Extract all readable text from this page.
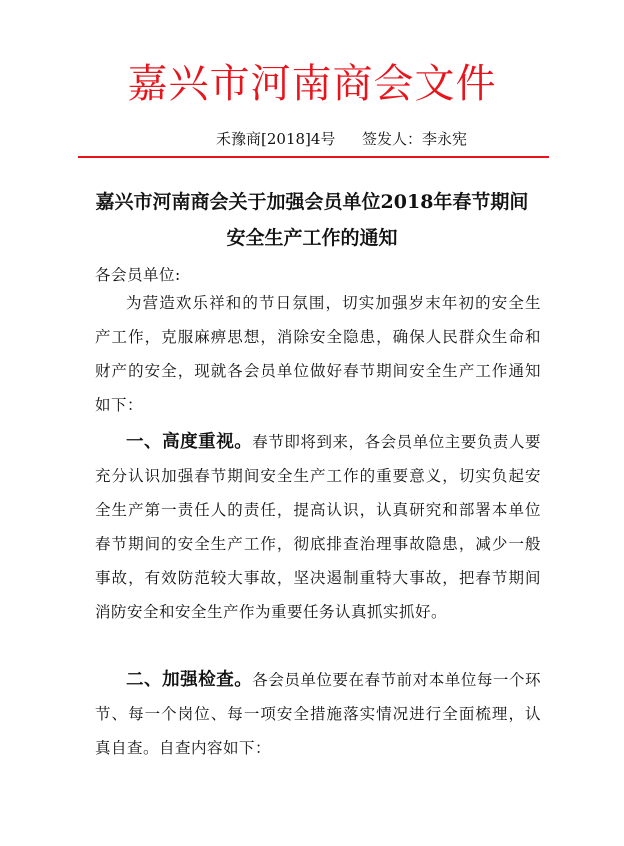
嘉兴市河南商会文件
禾豫商[2018]4号 签发人：李永宪
嘉兴市河南商会关于加强会员单位2018年春节期间
安全生产工作的通知

各会员单位:

为营造欢乐祥和的节日氛围，切实加强岁末年初的安全生产工作，克服麻痹思想，消除安全隐患，确保人民群众生命和财产的安全，现就各会员单位做好春节期间安全生产工作通知如下：

一、高度重视。春节即将到来，各会员单位主要负责人要充分认识加强春节期间安全生产工作的重要意义，切实负起安全生产第一责任人的责任，提高认识，认真研究和部署本单位春节期间的安全生产工作，彻底排查治理事故隐患，减少一般事故，有效防范较大事故，坚决遏制重特大事故，把春节期间消防安全和安全生产作为重要任务认真抓实抓好。

二、加强检查。各会员单位要在春节前对本单位每一个环节、每一个岗位、每一项安全措施落实情况进行全面梳理，认真自查。自查内容如下：
